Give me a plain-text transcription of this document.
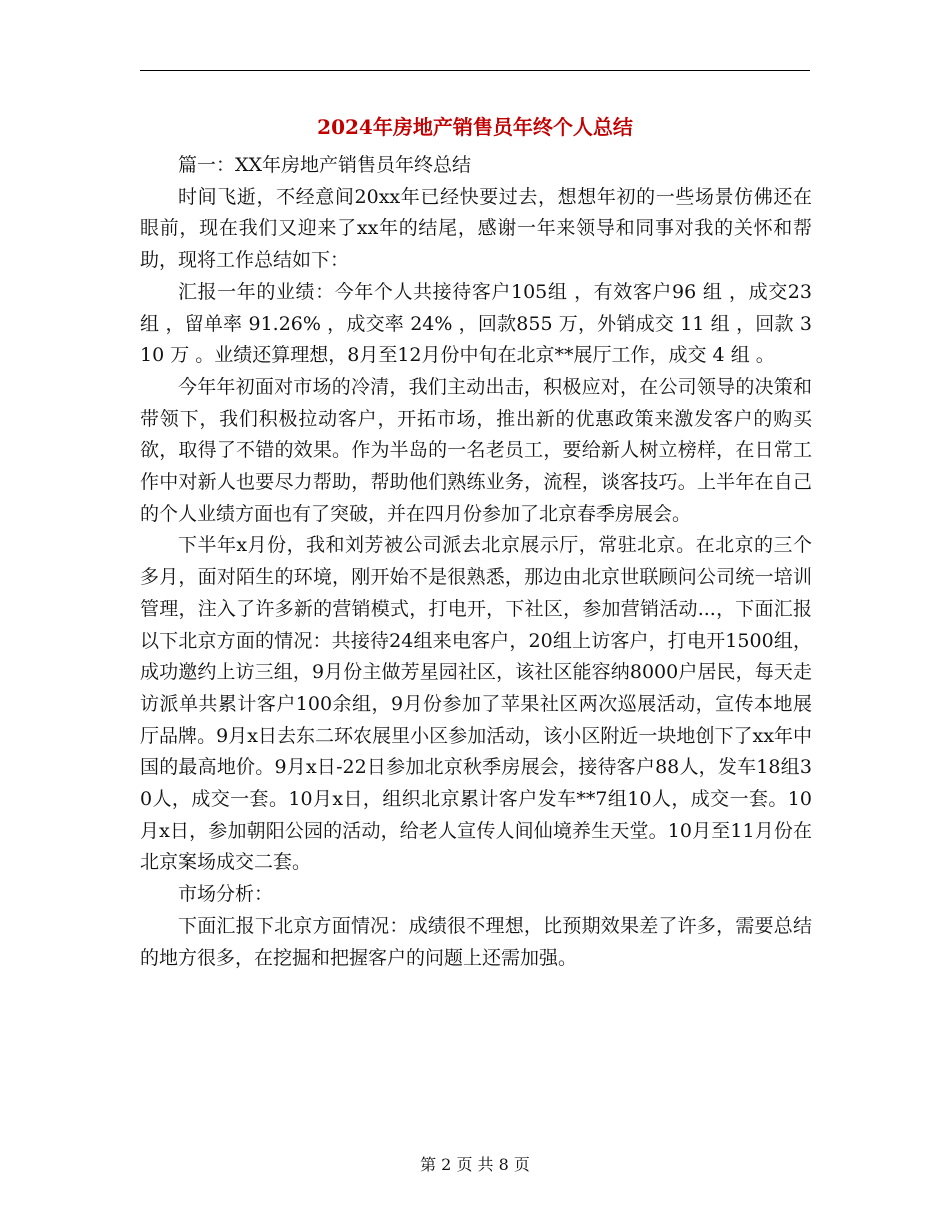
2024年房地产销售员年终个人总结

篇一：XX年房地产销售员年终总结

时间飞逝，不经意间20xx年已经快要过去，想想年初的一些场景仿佛还在眼前，现在我们又迎来了xx年的结尾，感谢一年来领导和同事对我的关怀和帮助，现将工作总结如下：

汇报一年的业绩：今年个人共接待客户105组 ，有效客户96 组 ，成交23 组 ，留单率 91.26% ，成交率 24% ，回款855 万，外销成交 11 组 ，回款 310 万 。业绩还算理想，8月至12月份中旬在北京**展厅工作，成交 4 组 。

今年年初面对市场的冷清，我们主动出击，积极应对，在公司领导的决策和带领下，我们积极拉动客户，开拓市场，推出新的优惠政策来激发客户的购买欲，取得了不错的效果。作为半岛的一名老员工，要给新人树立榜样，在日常工作中对新人也要尽力帮助，帮助他们熟练业务，流程，谈客技巧。上半年在自己的个人业绩方面也有了突破，并在四月份参加了北京春季房展会。

下半年x月份，我和刘芳被公司派去北京展示厅，常驻北京。在北京的三个多月，面对陌生的环境，刚开始不是很熟悉，那边由北京世联顾问公司统一培训管理，注入了许多新的营销模式，打电开，下社区，参加营销活动...，下面汇报以下北京方面的情况：共接待24组来电客户，20组上访客户，打电开1500组，成功邀约上访三组，9月份主做芳星园社区，该社区能容纳8000户居民，每天走访派单共累计客户100余组，9月份参加了苹果社区两次巡展活动，宣传本地展厅品牌。9月x日去东二环农展里小区参加活动，该小区附近一块地创下了xx年中国的最高地价。9月x日-22日参加北京秋季房展会，接待客户88人，发车18组30人，成交一套。10月x日，组织北京累计客户发车**7组10人，成交一套。10月x日，参加朝阳公园的活动，给老人宣传人间仙境养生天堂。10月至11月份在北京案场成交二套。

市场分析：

下面汇报下北京方面情况：成绩很不理想，比预期效果差了许多，需要总结的地方很多，在挖掘和把握客户的问题上还需加强。

第 2 页 共 8 页
